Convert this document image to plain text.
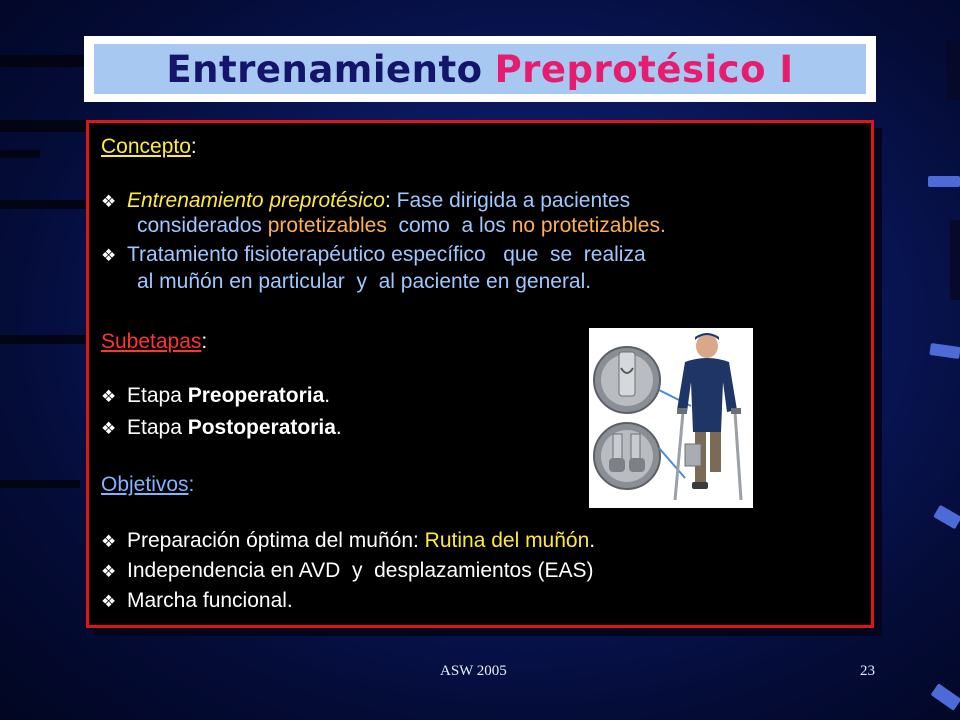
Entrenamiento Preprotésico I
Concepto:
❖ Entrenamiento preprotésico: Fase dirigida a pacientes
considerados protetizables  como  a los no protetizables.
❖ Tratamiento fisioterapéutico específico   que  se  realiza
al muñón en particular  y  al paciente en general.
Subetapas:
❖ Etapa Preoperatoria.
❖ Etapa Postoperatoria.
Objetivos:
❖ Preparación óptima del muñón: Rutina del muñón.
❖ Independencia en AVD  y  desplazamientos (EAS)
❖ Marcha funcional.
ASW 2005	23
